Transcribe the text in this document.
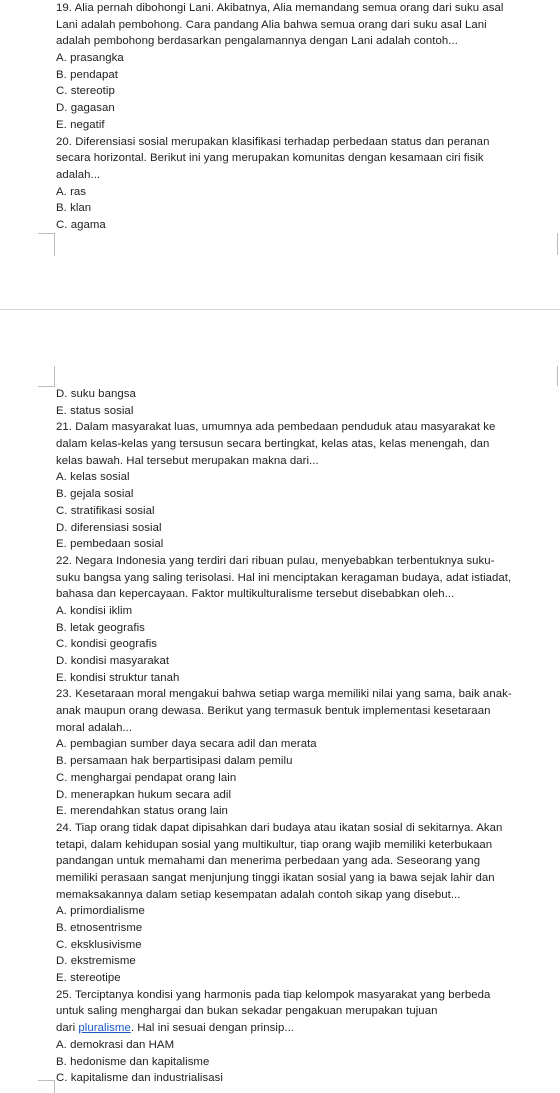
19. Alia pernah dibohongi Lani. Akibatnya, Alia memandang semua orang dari suku asal
Lani adalah pembohong. Cara pandang Alia bahwa semua orang dari suku asal Lani
adalah pembohong berdasarkan pengalamannya dengan Lani adalah contoh...
A. prasangka
B. pendapat
C. stereotip
D. gagasan
E. negatif
20. Diferensiasi sosial merupakan klasifikasi terhadap perbedaan status dan peranan
secara horizontal. Berikut ini yang merupakan komunitas dengan kesamaan ciri fisik
adalah...
A. ras
B. klan
C. agama
D. suku bangsa
E. status sosial
21. Dalam masyarakat luas, umumnya ada pembedaan penduduk atau masyarakat ke
dalam kelas-kelas yang tersusun secara bertingkat, kelas atas, kelas menengah, dan
kelas bawah. Hal tersebut merupakan makna dari...
A. kelas sosial
B. gejala sosial
C. stratifikasi sosial
D. diferensiasi sosial
E. pembedaan sosial
22. Negara Indonesia yang terdiri dari ribuan pulau, menyebabkan terbentuknya suku-
suku bangsa yang saling terisolasi. Hal ini menciptakan keragaman budaya, adat istiadat,
bahasa dan kepercayaan. Faktor multikulturalisme tersebut disebabkan oleh...
A. kondisi iklim
B. letak geografis
C. kondisi geografis
D. kondisi masyarakat
E. kondisi struktur tanah
23. Kesetaraan moral mengakui bahwa setiap warga memiliki nilai yang sama, baik anak-
anak maupun orang dewasa. Berikut yang termasuk bentuk implementasi kesetaraan
moral adalah...
A. pembagian sumber daya secara adil dan merata
B. persamaan hak berpartisipasi dalam pemilu
C. menghargai pendapat orang lain
D. menerapkan hukum secara adil
E. merendahkan status orang lain
24. Tiap orang tidak dapat dipisahkan dari budaya atau ikatan sosial di sekitarnya. Akan
tetapi, dalam kehidupan sosial yang multikultur, tiap orang wajib memiliki keterbukaan
pandangan untuk memahami dan menerima perbedaan yang ada. Seseorang yang
memiliki perasaan sangat menjunjung tinggi ikatan sosial yang ia bawa sejak lahir dan
memaksakannya dalam setiap kesempatan adalah contoh sikap yang disebut...
A. primordialisme
B. etnosentrisme
C. eksklusivisme
D. ekstremisme
E. stereotipe
25. Terciptanya kondisi yang harmonis pada tiap kelompok masyarakat yang berbeda
untuk saling menghargai dan bukan sekadar pengakuan merupakan tujuan
dari pluralisme. Hal ini sesuai dengan prinsip...
A. demokrasi dan HAM
B. hedonisme dan kapitalisme
C. kapitalisme dan industrialisasi
